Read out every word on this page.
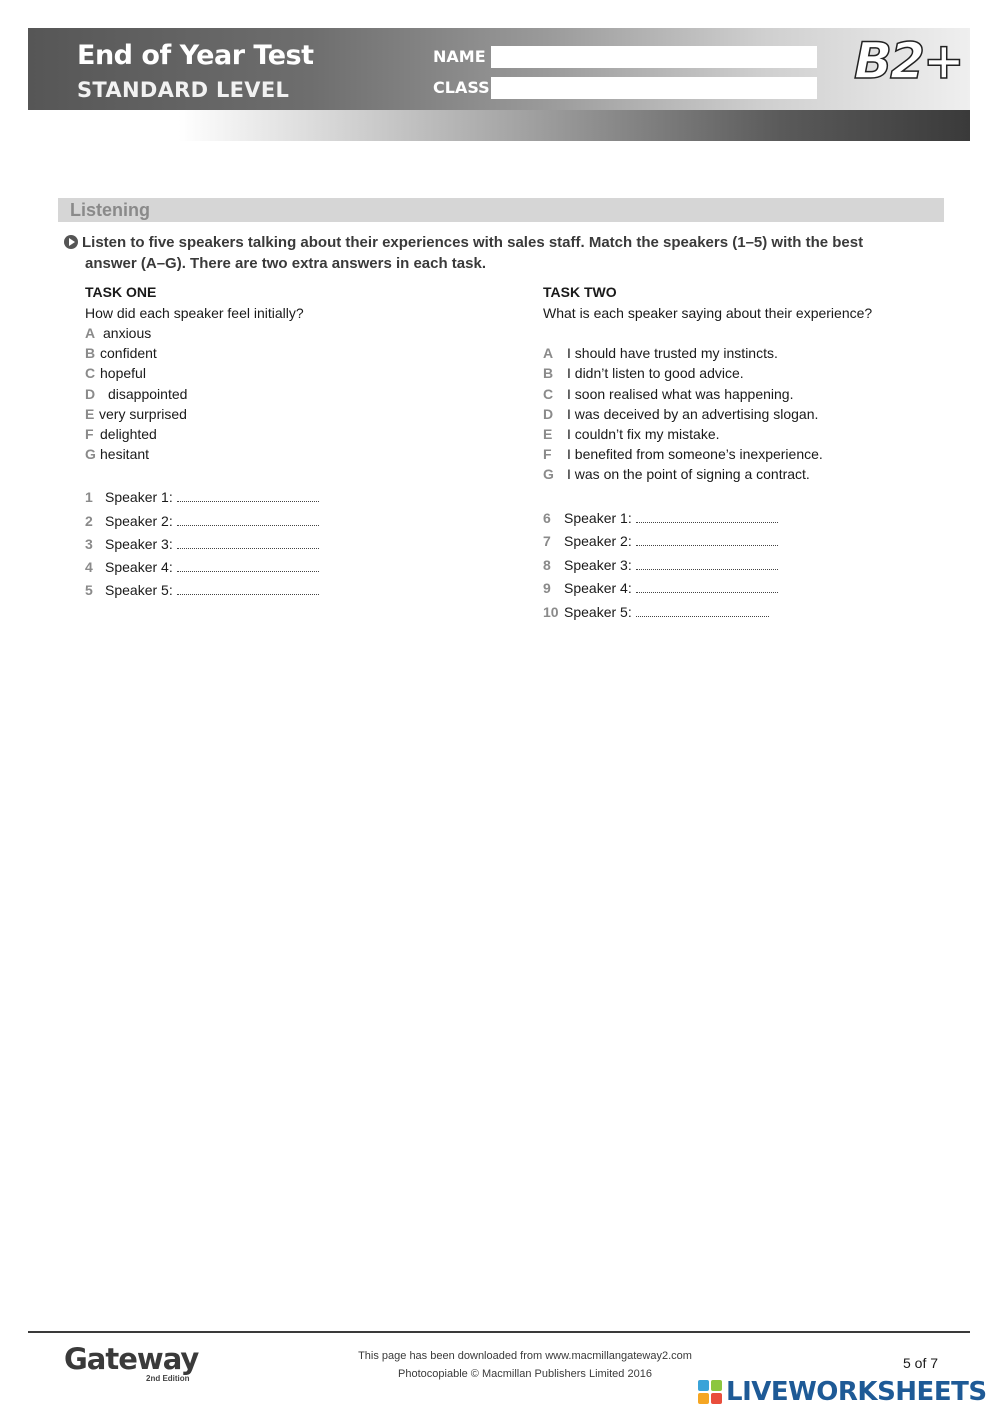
End of Year Test
STANDARD LEVEL
NAME
CLASS	B2+
Listening
Listen to five speakers talking about their experiences with sales staff. Match the speakers (1–5) with the best
answer (A–G). There are two extra answers in each task.
TASK ONE
How did each speaker feel initially?
A anxious
B confident
C hopeful
D disappointed
E very surprised
F delighted
G hesitant
1 Speaker 1:
2 Speaker 2:
3 Speaker 3:
4 Speaker 4:
5 Speaker 5:
TASK TWO
What is each speaker saying about their experience?
A I should have trusted my instincts.
B I didn’t listen to good advice.
C I soon realised what was happening.
D I was deceived by an advertising slogan.
E I couldn’t fix my mistake.
F I benefited from someone’s inexperience.
G I was on the point of signing a contract.
6 Speaker 1:
7 Speaker 2:
8 Speaker 3:
9 Speaker 4:
10 Speaker 5:
Gateway
2nd Edition
This page has been downloaded from www.macmillangateway2.com
Photocopiable © Macmillan Publishers Limited 2016
5 of 7
LIVEWORKSHEETS
